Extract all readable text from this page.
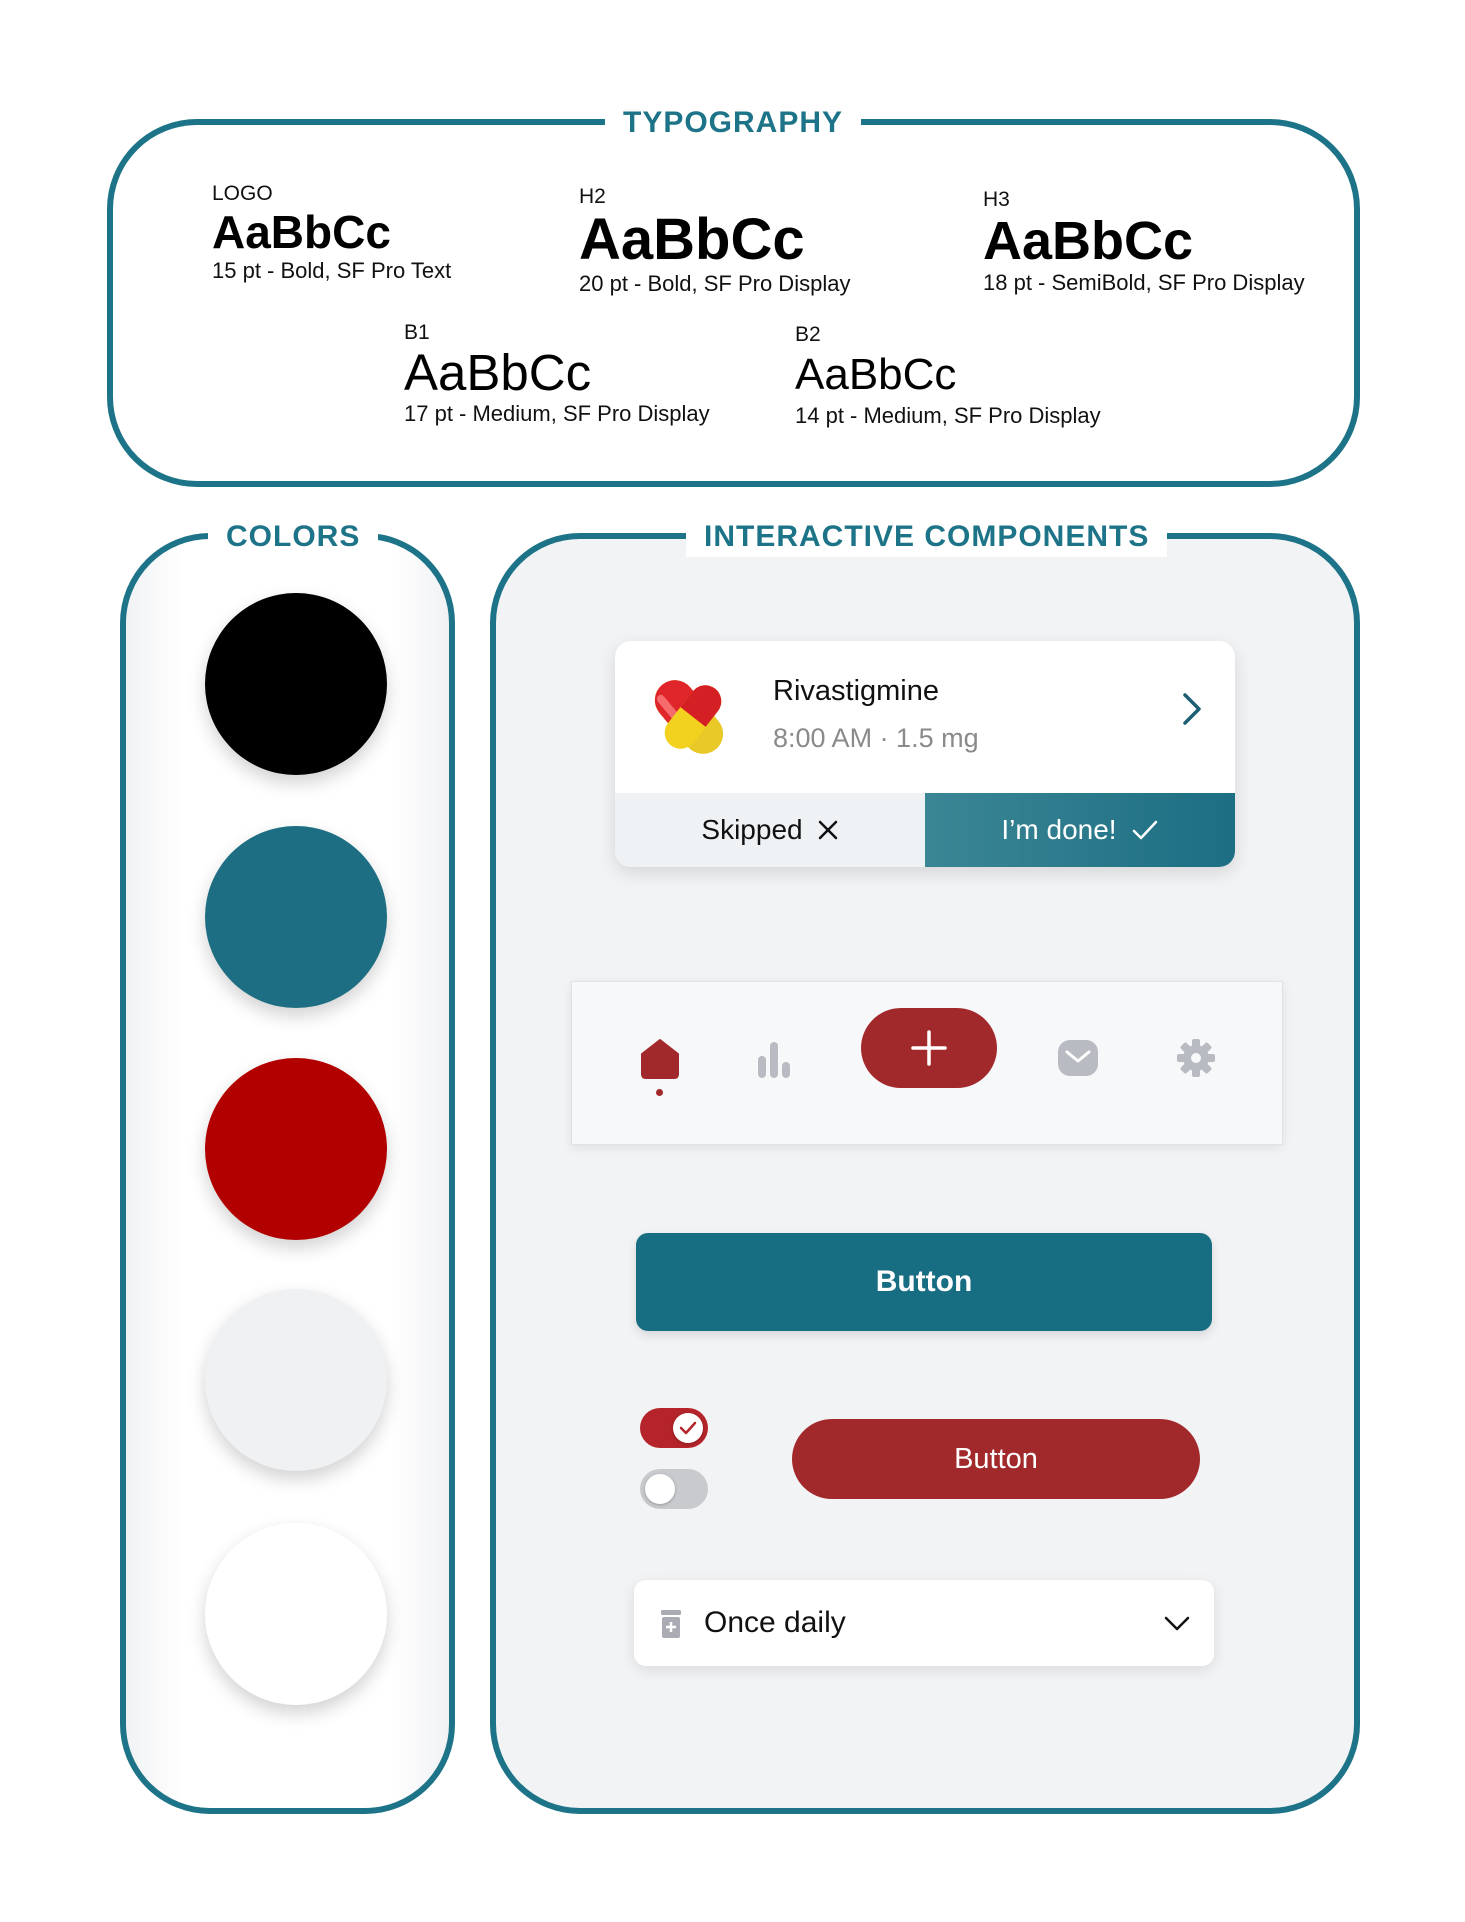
TYPOGRAPHY
LOGO
AaBbCc
15 pt - Bold, SF Pro Text
H2
AaBbCc
20 pt - Bold, SF Pro Display
H3
AaBbCc
18 pt - SemiBold, SF Pro Display
B1
AaBbCc
17 pt - Medium, SF Pro Display
B2
AaBbCc
14 pt - Medium, SF Pro Display
COLORS	INTERACTIVE COMPONENTS
Rivastigmine
8:00 AM · 1.5 mg
Skipped	I’m done!
Button
Button
Once daily
